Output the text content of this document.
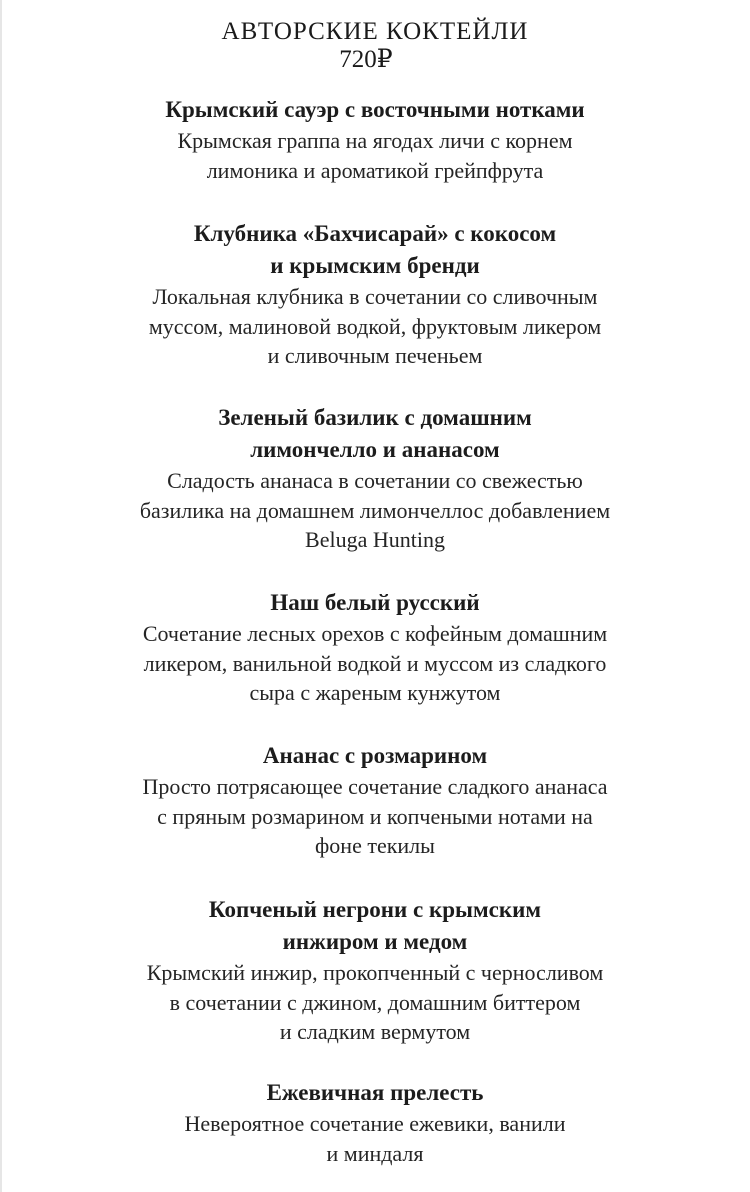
АВТОРСКИЕ КОКТЕЙЛИ
720₽
Крымский сауэр с восточными нотками
Крымская граппа на ягодах личи с корнем
лимоника и ароматикой грейпфрута
Клубника «Бахчисарай» с кокосом
и крымским бренди
Локальная клубника в сочетании со сливочным
муссом, малиновой водкой, фруктовым ликером
и сливочным печеньем
Зеленый базилик с домашним
лимончелло и ананасом
Сладость ананаса в сочетании со свежестью
базилика на домашнем лимончеллос добавлением
Beluga Hunting
Наш белый русский
Сочетание лесных орехов с кофейным домашним
ликером, ванильной водкой и муссом из сладкого
сыра с жареным кунжутом
Ананас с розмарином
Просто потрясающее сочетание сладкого ананаса
с пряным розмарином и копчеными нотами на
фоне текилы
Копченый негрони с крымским
инжиром и медом
Крымский инжир, прокопченный с черносливом
в сочетании с джином, домашним биттером
и сладким вермутом
Ежевичная прелесть
Невероятное сочетание ежевики, ванили
и миндаля
